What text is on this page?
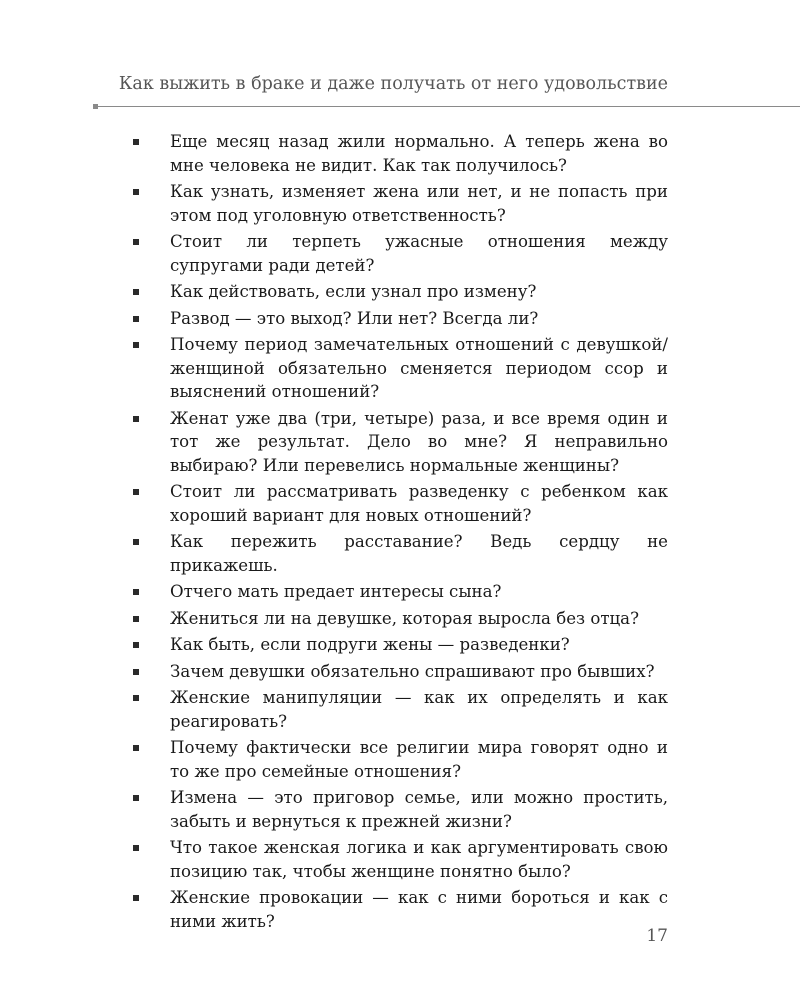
Как выжить в браке и даже получать от него удовольствие
Еще месяц назад жили нормально. А теперь жена во мне человека не видит. Как так получилось?
Как узнать, изменяет жена или нет, и не попасть при этом под уголовную ответственность?
Стоит ли терпеть ужасные отношения между супругами ради детей?
Как действовать, если узнал про измену?
Развод — это выход? Или нет? Всегда ли?
Почему период замечательных отношений с девушкой/ женщиной обязательно сменяется периодом ссор и выяснений отношений?
Женат уже два (три, четыре) раза, и все время один и тот же результат. Дело во мне? Я неправильно выбираю? Или перевелись нормальные женщины?
Стоит ли рассматривать разведенку с ребенком как хороший вариант для новых отношений?
Как пережить расставание? Ведь сердцу не прикажешь.
Отчего мать предает интересы сына?
Жениться ли на девушке, которая выросла без отца?
Как быть, если подруги жены — разведенки?
Зачем девушки обязательно спрашивают про бывших?
Женские манипуляции — как их определять и как реагировать?
Почему фактически все религии мира говорят одно и то же про семейные отношения?
Измена — это приговор семье, или можно простить, забыть и вернуться к прежней жизни?
Что такое женская логика и как аргументировать свою позицию так, чтобы женщине понятно было?
Женские провокации — как с ними бороться и как с ними жить?
17
